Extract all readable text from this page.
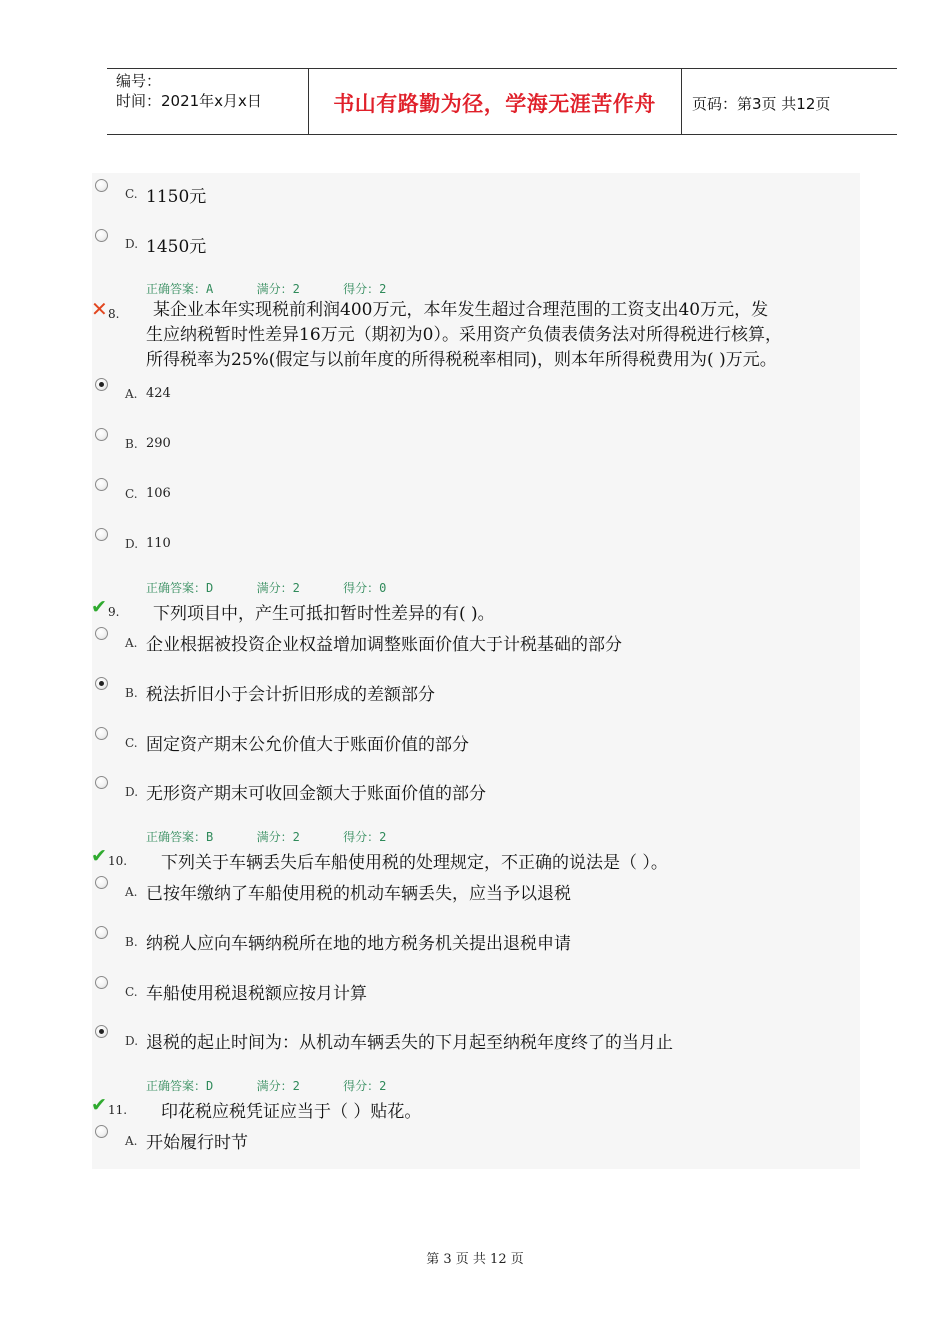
编号：
时间：2021年x月x日	书山有路勤为径，学海无涯苦作舟	页码：第3页 共12页
C. 1150元
D. 1450元
正确答案：A      满分：2      得分：2
✕ 8. 某企业本年实现税前利润400万元，本年发生超过合理范围的工资支出40万元，发
生应纳税暂时性差异16万元（期初为0）。采用资产负债表债务法对所得税进行核算，
所得税率为25%(假定与以前年度的所得税税率相同)，则本年所得税费用为( )万元。
A. 424
B. 290
C. 106
D. 110
正确答案：D      满分：2      得分：0
✔ 9. 下列项目中，产生可抵扣暂时性差异的有( )。
A. 企业根据被投资企业权益增加调整账面价值大于计税基础的部分
B. 税法折旧小于会计折旧形成的差额部分
C. 固定资产期末公允价值大于账面价值的部分
D. 无形资产期末可收回金额大于账面价值的部分
正确答案：B      满分：2      得分：2
✔ 10. 下列关于车辆丢失后车船使用税的处理规定，不正确的说法是（ ）。
A. 已按年缴纳了车船使用税的机动车辆丢失，应当予以退税
B. 纳税人应向车辆纳税所在地的地方税务机关提出退税申请
C. 车船使用税退税额应按月计算
D. 退税的起止时间为：从机动车辆丢失的下月起至纳税年度终了的当月止
正确答案：D      满分：2      得分：2
✔ 11. 印花税应税凭证应当于（ ）贴花。
A. 开始履行时节
第 3 页 共 12 页
